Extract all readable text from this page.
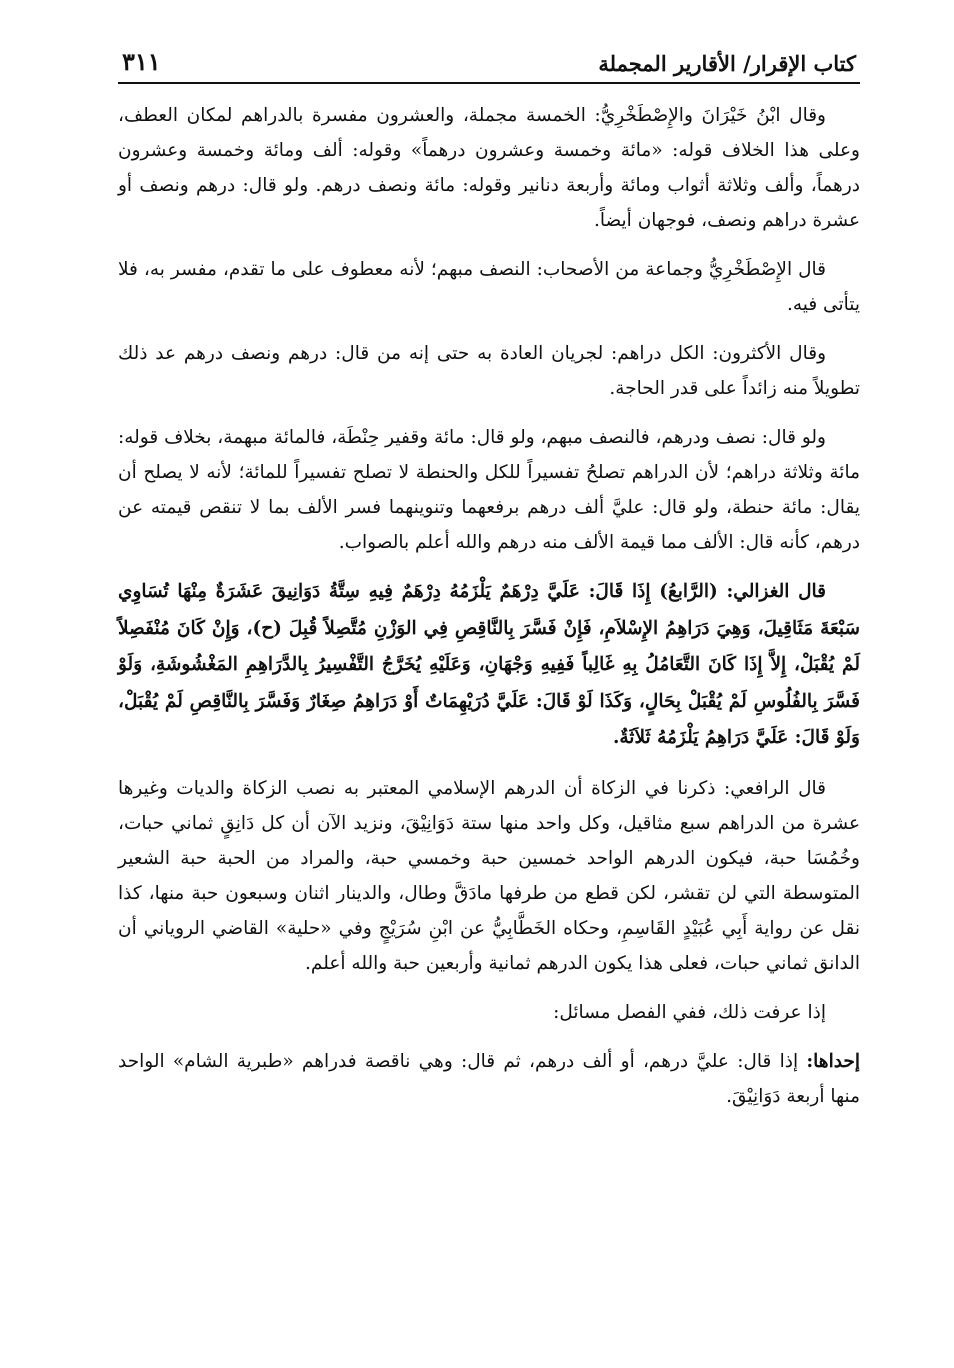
كتاب الإقرار/ الأقارير المجملة
٣١١

وقال ابْنُ خَيْرَانَ والإِصْطَخْرِيُّ: الخمسة مجملة، والعشرون مفسرة بالدراهم لمكان العطف، وعلى هذا الخلاف قوله: «مائة وخمسة وعشرون درهماً» وقوله: ألف ومائة وخمسة وعشرون درهماً، وألف وثلاثة أثواب ومائة وأربعة دنانير وقوله: مائة ونصف درهم. ولو قال: درهم ونصف أو عشرة دراهم ونصف، فوجهان أيضاً.

قال الإِصْطَخْرِيُّ وجماعة من الأصحاب: النصف مبهم؛ لأنه معطوف على ما تقدم، مفسر به، فلا يتأتى فيه.

وقال الأكثرون: الكل دراهم: لجريان العادة به حتى إنه من قال: درهم ونصف درهم عد ذلك تطويلاً منه زائداً على قدر الحاجة.

ولو قال: نصف ودرهم، فالنصف مبهم، ولو قال: مائة وقفير حِنْطَة، فالمائة مبهمة، بخلاف قوله: مائة وثلاثة دراهم؛ لأن الدراهم تصلحُ تفسيراً للكل والحنطة لا تصلح تفسيراً للمائة؛ لأنه لا يصلح أن يقال: مائة حنطة، ولو قال: عليَّ ألف درهم برفعهما وتنوينهما فسر الألف بما لا تنقص قيمته عن درهم، كأنه قال: الألف مما قيمة الألف منه درهم والله أعلم بالصواب.

قال الغزالي: (الرَّابعُ) إِذَا قَالَ: عَلَيَّ دِرْهَمٌ يَلْزَمُهُ دِرْهَمٌ فِيهِ سِتَّةُ دَوَانِيقَ عَشَرَةٌ مِنْهَا تُسَاوِي سَبْعَةَ مَثَاقِيلَ، وَهِيَ دَرَاهِمُ الإِسْلاَمِ، فَإِنْ فَسَّرَ بِالنَّاقِصِ فِي الوَزْنِ مُتَّصِلاً قُبِلَ (ح)، وَإِنْ كَانَ مُنْفَصِلاً لَمْ يُقْبَلْ، إِلاَّ إِذَا كَانَ التَّعَامُلُ بِهِ غَالِباً فَفِيهِ وَجْهَانِ، وَعَلَيْهِ يُخَرَّجُ التَّفْسِيرُ بِالدَّرَاهِمِ المَغْشُوشَةِ، وَلَوْ فَسَّرَ بِالفُلُوسِ لَمْ يُقْبَلْ بِحَالٍ، وَكَذَا لَوْ قَالَ: عَلَيَّ دُرَيْهِمَاتٌ أَوْ دَرَاهِمُ صِغَارٌ وَفَسَّرَ بِالنَّاقِصِ لَمْ يُقْبَلْ، وَلَوْ قَالَ: عَلَيَّ دَرَاهِمُ يَلْزَمُهُ ثَلاَثَةٌ.

قال الرافعي: ذكرنا في الزكاة أن الدرهم الإسلامي المعتبر به نصب الزكاة والديات وغيرها عشرة من الدراهم سبع مثاقيل، وكل واحد منها ستة دَوَانِيْقَ، ونزيد الآن أن كل دَانِقٍ ثماني حبات، وخُمُسَا حبة، فيكون الدرهم الواحد خمسين حبة وخمسي حبة، والمراد من الحبة حبة الشعير المتوسطة التي لن تقشر، لكن قطع من طرفها مادَقَّ وطال، والدينار اثنان وسبعون حبة منها، كذا نقل عن رواية أَبِي عُبَيْدٍ القَاسِمِ، وحكاه الخَطَّابِيُّ عن ابْنِ سُرَيْجٍ وفي «حلية» القاضي الروياني أن الدانق ثماني حبات، فعلى هذا يكون الدرهم ثمانية وأربعين حبة والله أعلم.

إذا عرفت ذلك، ففي الفصل مسائل:

إحداها: إذا قال: عليَّ درهم، أو ألف درهم، ثم قال: وهي ناقصة فدراهم «طبرية الشام» الواحد منها أربعة دَوَانِيْقَ.
